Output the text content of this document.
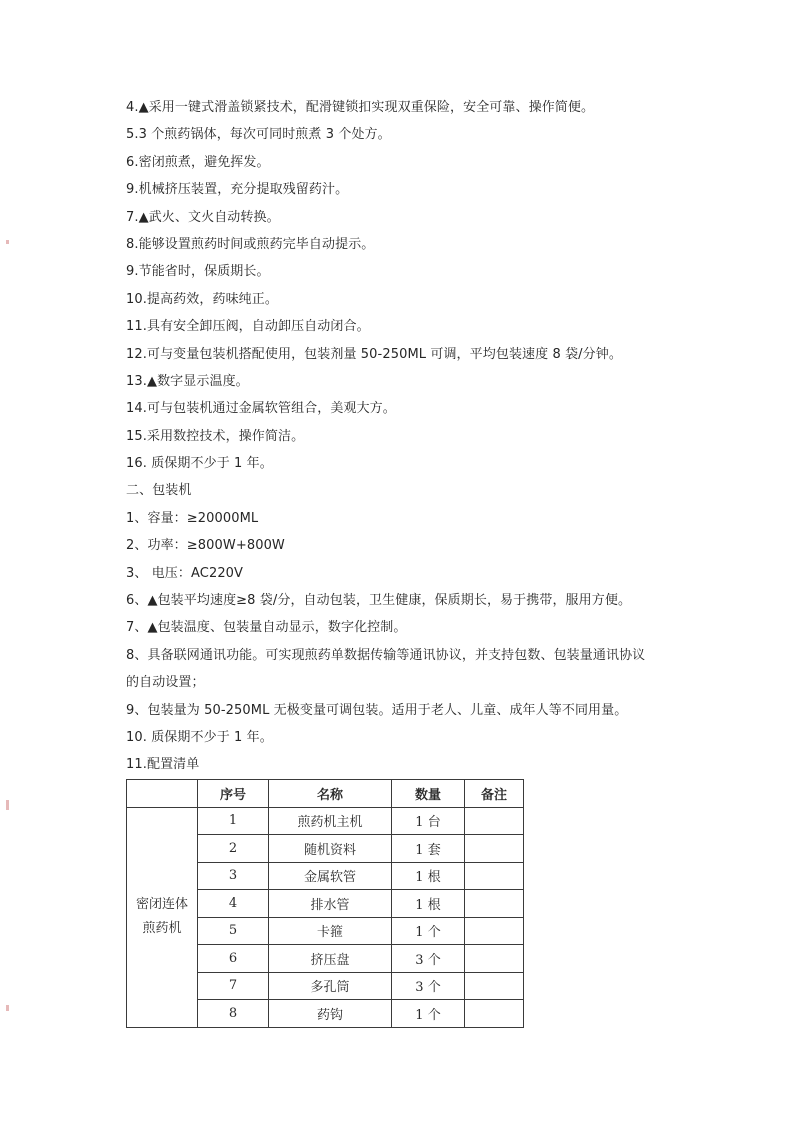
4.▲采用一键式滑盖锁紧技术，配滑键锁扣实现双重保险，安全可靠、操作简便。
5.3 个煎药锅体，每次可同时煎煮 3 个处方。
6.密闭煎煮，避免挥发。
9.机械挤压装置，充分提取残留药汁。
7.▲武火、文火自动转换。
8.能够设置煎药时间或煎药完毕自动提示。
9.节能省时，保质期长。
10.提高药效，药味纯正。
11.具有安全卸压阀，自动卸压自动闭合。
12.可与变量包装机搭配使用，包装剂量 50-250ML 可调，平均包装速度 8 袋/分钟。
13.▲数字显示温度。
14.可与包装机通过金属软管组合，美观大方。
15.采用数控技术，操作简洁。
16. 质保期不少于 1 年。
二、包装机
1、容量：≥20000ML
2、功率：≥800W+800W
3、 电压：AC220V
6、▲包装平均速度≥8 袋/分，自动包装，卫生健康，保质期长，易于携带，服用方便。
7、▲包装温度、包装量自动显示，数字化控制。
8、具备联网通讯功能。可实现煎药单数据传输等通讯协议，并支持包数、包装量通讯协议
的自动设置；
9、包装量为 50-250ML 无极变量可调包装。适用于老人、儿童、成年人等不同用量。
10. 质保期不少于 1 年。
11.配置清单
	序号	名称	数量	备注
密闭连体
煎药机	1	煎药机主机	1 台	
	2	随机资料	1 套	
	3	金属软管	1 根	
	4	排水管	1 根	
	5	卡箍	1 个	
	6	挤压盘	3 个	
	7	多孔筒	3 个	
	8	药钩	1 个	
